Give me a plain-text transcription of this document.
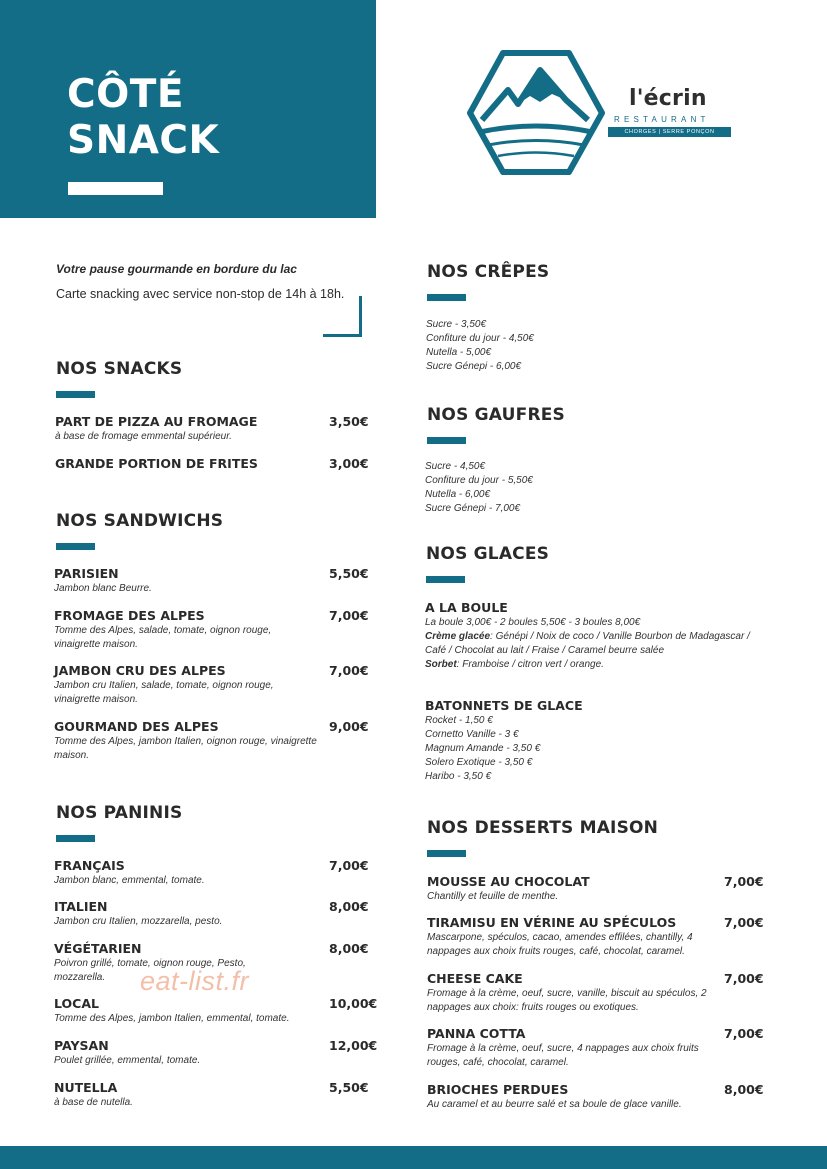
CÔTÉ
SNACK
l'écrin
RESTAURANT
CHORGES | SERRE PONÇON
Votre pause gourmande en bordure du lac
Carte snacking avec service non-stop de 14h à 18h.
NOS SNACKS
PART DE PIZZA AU FROMAGE	3,50€
à base de fromage emmental supérieur.
GRANDE PORTION DE FRITES	3,00€
NOS SANDWICHS
PARISIEN	5,50€
Jambon blanc Beurre.
FROMAGE DES ALPES	7,00€
Tomme des Alpes, salade, tomate, oignon rouge, vinaigrette maison.
JAMBON CRU DES ALPES	7,00€
Jambon cru Italien, salade, tomate, oignon rouge, vinaigrette maison.
GOURMAND DES ALPES	9,00€
Tomme des Alpes, jambon Italien, oignon rouge, vinaigrette maison.
NOS PANINIS
FRANÇAIS	7,00€
Jambon blanc, emmental, tomate.
ITALIEN	8,00€
Jambon cru Italien, mozzarella, pesto.
VÉGÉTARIEN	8,00€
Poivron grillé, tomate, oignon rouge, Pesto, mozzarella.
LOCAL	10,00€
Tomme des Alpes, jambon Italien, emmental, tomate.
PAYSAN	12,00€
Poulet grillée, emmental, tomate.
NUTELLA	5,50€
à base de nutella.
NOS CRÊPES
Sucre - 3,50€
Confiture du jour - 4,50€
Nutella - 5,00€
Sucre Génepi - 6,00€
NOS GAUFRES
Sucre - 4,50€
Confiture du jour - 5,50€
Nutella - 6,00€
Sucre Génepi - 7,00€
NOS GLACES
A LA BOULE
La boule 3,00€ - 2 boules 5,50€ - 3 boules 8,00€
Crème glacée: Génépi / Noix de coco / Vanille Bourbon de Madagascar / Café / Chocolat au lait / Fraise / Caramel beurre salée
Sorbet: Framboise / citron vert / orange.
BATONNETS DE GLACE
Rocket - 1,50 €
Cornetto Vanille - 3 €
Magnum Amande - 3,50 €
Solero Exotique - 3,50 €
Haribo - 3,50 €
NOS DESSERTS MAISON
MOUSSE AU CHOCOLAT	7,00€
Chantilly et feuille de menthe.
TIRAMISU EN VÉRINE AU SPÉCULOS	7,00€
Mascarpone, spéculos, cacao, amendes effilées, chantilly, 4 nappages aux choix fruits rouges, café, chocolat, caramel.
CHEESE CAKE	7,00€
Fromage à la crème, oeuf, sucre, vanille, biscuit au spéculos, 2 nappages aux choix: fruits rouges ou exotiques.
PANNA COTTA	7,00€
Fromage à la crème, oeuf, sucre, 4 nappages aux choix fruits rouges, café, chocolat, caramel.
BRIOCHES PERDUES	8,00€
Au caramel et au beurre salé et sa boule de glace vanille.
eat-list.fr
